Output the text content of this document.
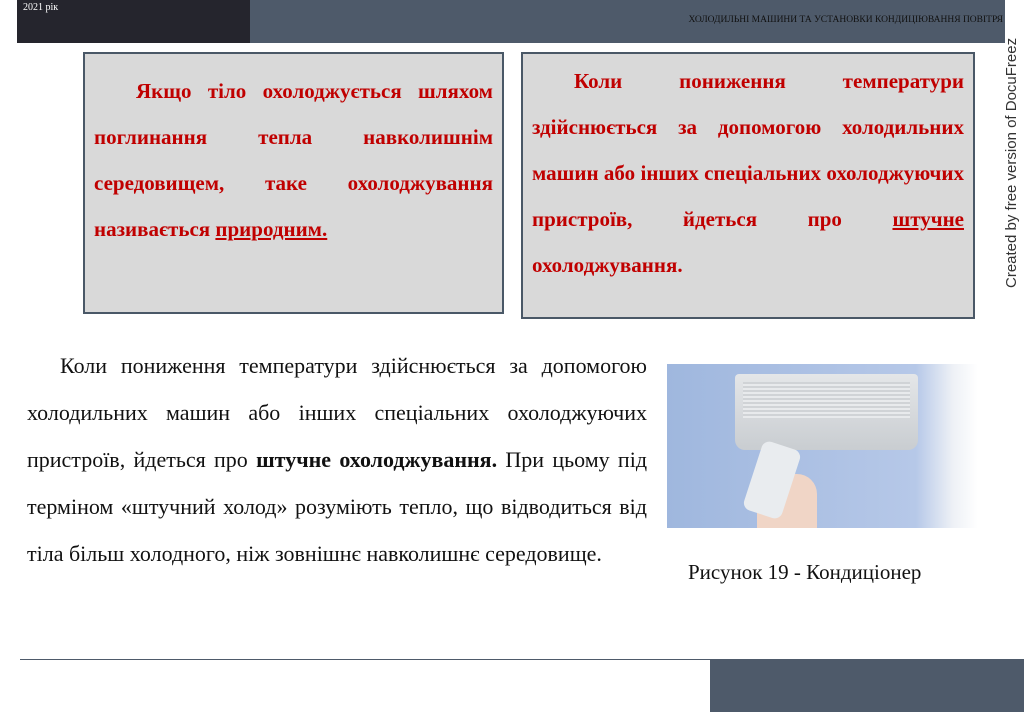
2021 рік
ХОЛОДИЛЬНІ МАШИНИ ТА УСТАНОВКИ КОНДИЦІЮВАННЯ ПОВІТРЯ
Якщо тіло охолоджується шляхом поглинання тепла навколишнім середовищем, таке охолоджування називається природним.
Коли пониження температури здійснюється за допомогою холодильних машин або інших спеціальних охолоджуючих пристроїв, йдеться про штучне охолоджування.
Коли пониження температури здійснюється за допомогою холодильних машин або інших спеціальних охолоджуючих пристроїв, йдеться про штучне охолоджування. При цьому під терміном «штучний холод» розуміють тепло, що відводиться від тіла більш холодного, ніж зовнішнє навколишнє середовище.
Рисунок 19 - Кондиціонер
Created by free version of DocuFreez
